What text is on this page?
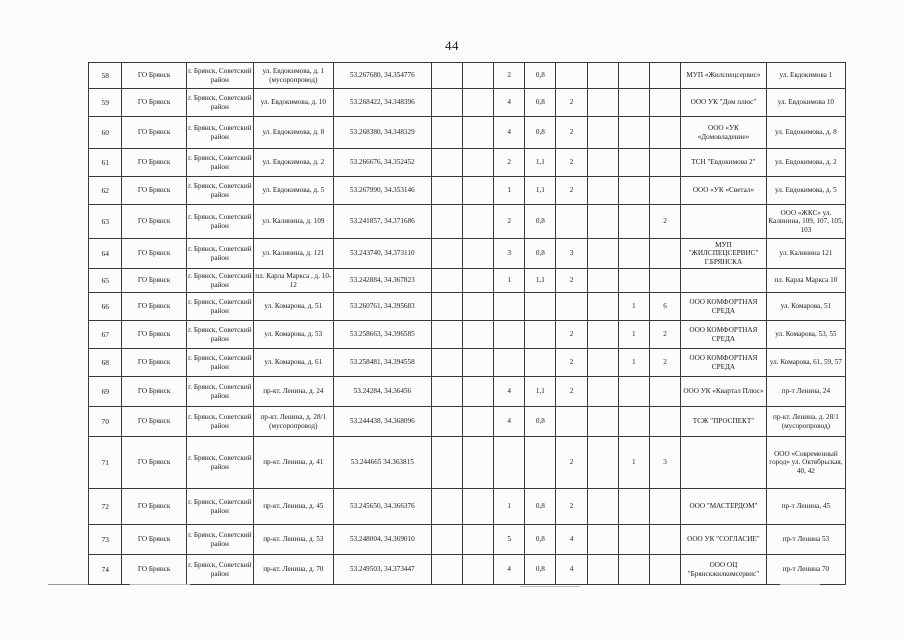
44
58	ГО Брянск	г. Брянск, Советский район	ул. Евдокимова, д. 1 (мусоропровод)	53.267680, 34.354776			2	0,8					МУП «Жилспецсервис»	ул. Евдокимова 1
59	ГО Брянск	г. Брянск, Советский район	ул. Евдокимова, д. 10	53.268422, 34.348396			4	0,8	2				ООО УК "Дом плюс"	ул. Евдокимова 10
60	ГО Брянск	г. Брянск, Советский район	ул. Евдокимова, д. 8	53.268380, 34.348329			4	0,8	2				ООО «УК «Домовладение»	ул. Евдокимова, д. 8
61	ГО Брянск	г. Брянск, Советский район	ул. Евдокимова, д. 2	53.266676, 34.352452			2	1,1	2				ТСН "Евдокимова 2"	ул. Евдокимова, д. 2
62	ГО Брянск	г. Брянск, Советский район	ул. Евдокимова, д. 5	53.267990, 34.353146			1	1,1	2				ООО «УК «Светал»	ул. Евдокимова, д. 5
63	ГО Брянск	г. Брянск, Советский район	ул. Калинина, д. 109	53.241857, 34.371686			2	0,8				2		ООО «ЖКС» ул. Калинина, 109, 107, 105, 103
64	ГО Брянск	г. Брянск, Советский район	ул. Калинина, д. 121	53.243740, 34.373110			3	0,8	3				МУП "ЖИЛСПЕЦСЕРВИС" Г.БРЯНСКА	ул. Калинина 121
65	ГО Брянск	г. Брянск, Советский район	пл. Карла Маркса , д. 10-12	53.242884, 34.367823			1	1,1	2					пл. Карла Маркса 10
66	ГО Брянск	г. Брянск, Советский район	ул. Комарова, д. 51	53.260761, 34.395683							1	6	ООО КОМФОРТНАЯ СРЕДА	ул. Комарова, 51
67	ГО Брянск	г. Брянск, Советский район	ул. Комарова, д. 53	53.258663, 34.396585					2		1	2	ООО КОМФОРТНАЯ СРЕДА	ул. Комарова, 53, 55
68	ГО Брянск	г. Брянск, Советский район	ул. Комарова, д. 61	53.258481, 34.394558					2		1	2	ООО КОМФОРТНАЯ СРЕДА	ул. Комарова, 61, 59, 57
69	ГО Брянск	г. Брянск, Советский район	пр-кт. Ленина, д. 24	53.24284, 34.36456			4	1,1	2				ООО УК «Квартал Плюс»	пр-т Ленина, 24
70	ГО Брянск	г. Брянск, Советский район	пр-кт. Ленина, д. 28/1 (мусоропровод)	53.244438, 34.368096			4	0,8					ТСЖ "ПРОСПЕКТ"	пр-кт. Ленина, д. 28/1 (мусоропровод)
71	ГО Брянск	г. Брянск, Советский район	пр-кт. Ленина, д. 41	53.244665 34.363815					2		1	3		ООО «Современный город» ул. Октябрьская, 40, 42
72	ГО Брянск	г. Брянск, Советский район	пр-кт. Ленина, д. 45	53.245650, 34.366376			1	0,8	2				ООО "МАСТЕРДОМ"	пр-т Ленина, 45
73	ГО Брянск	г. Брянск, Советский район	пр-кт. Ленина, д. 53	53.248004, 34.369010			5	0,8	4				ООО УК "СОГЛАСИЕ"	пр-т Ленина 53
74	ГО Брянск	г. Брянск, Советский район	пр-кт. Ленина, д. 70	53.249503, 34.373447			4	0,8	4				ООО ОЦ "Брянскжилкомсервис"	пр-т Ленина 70
